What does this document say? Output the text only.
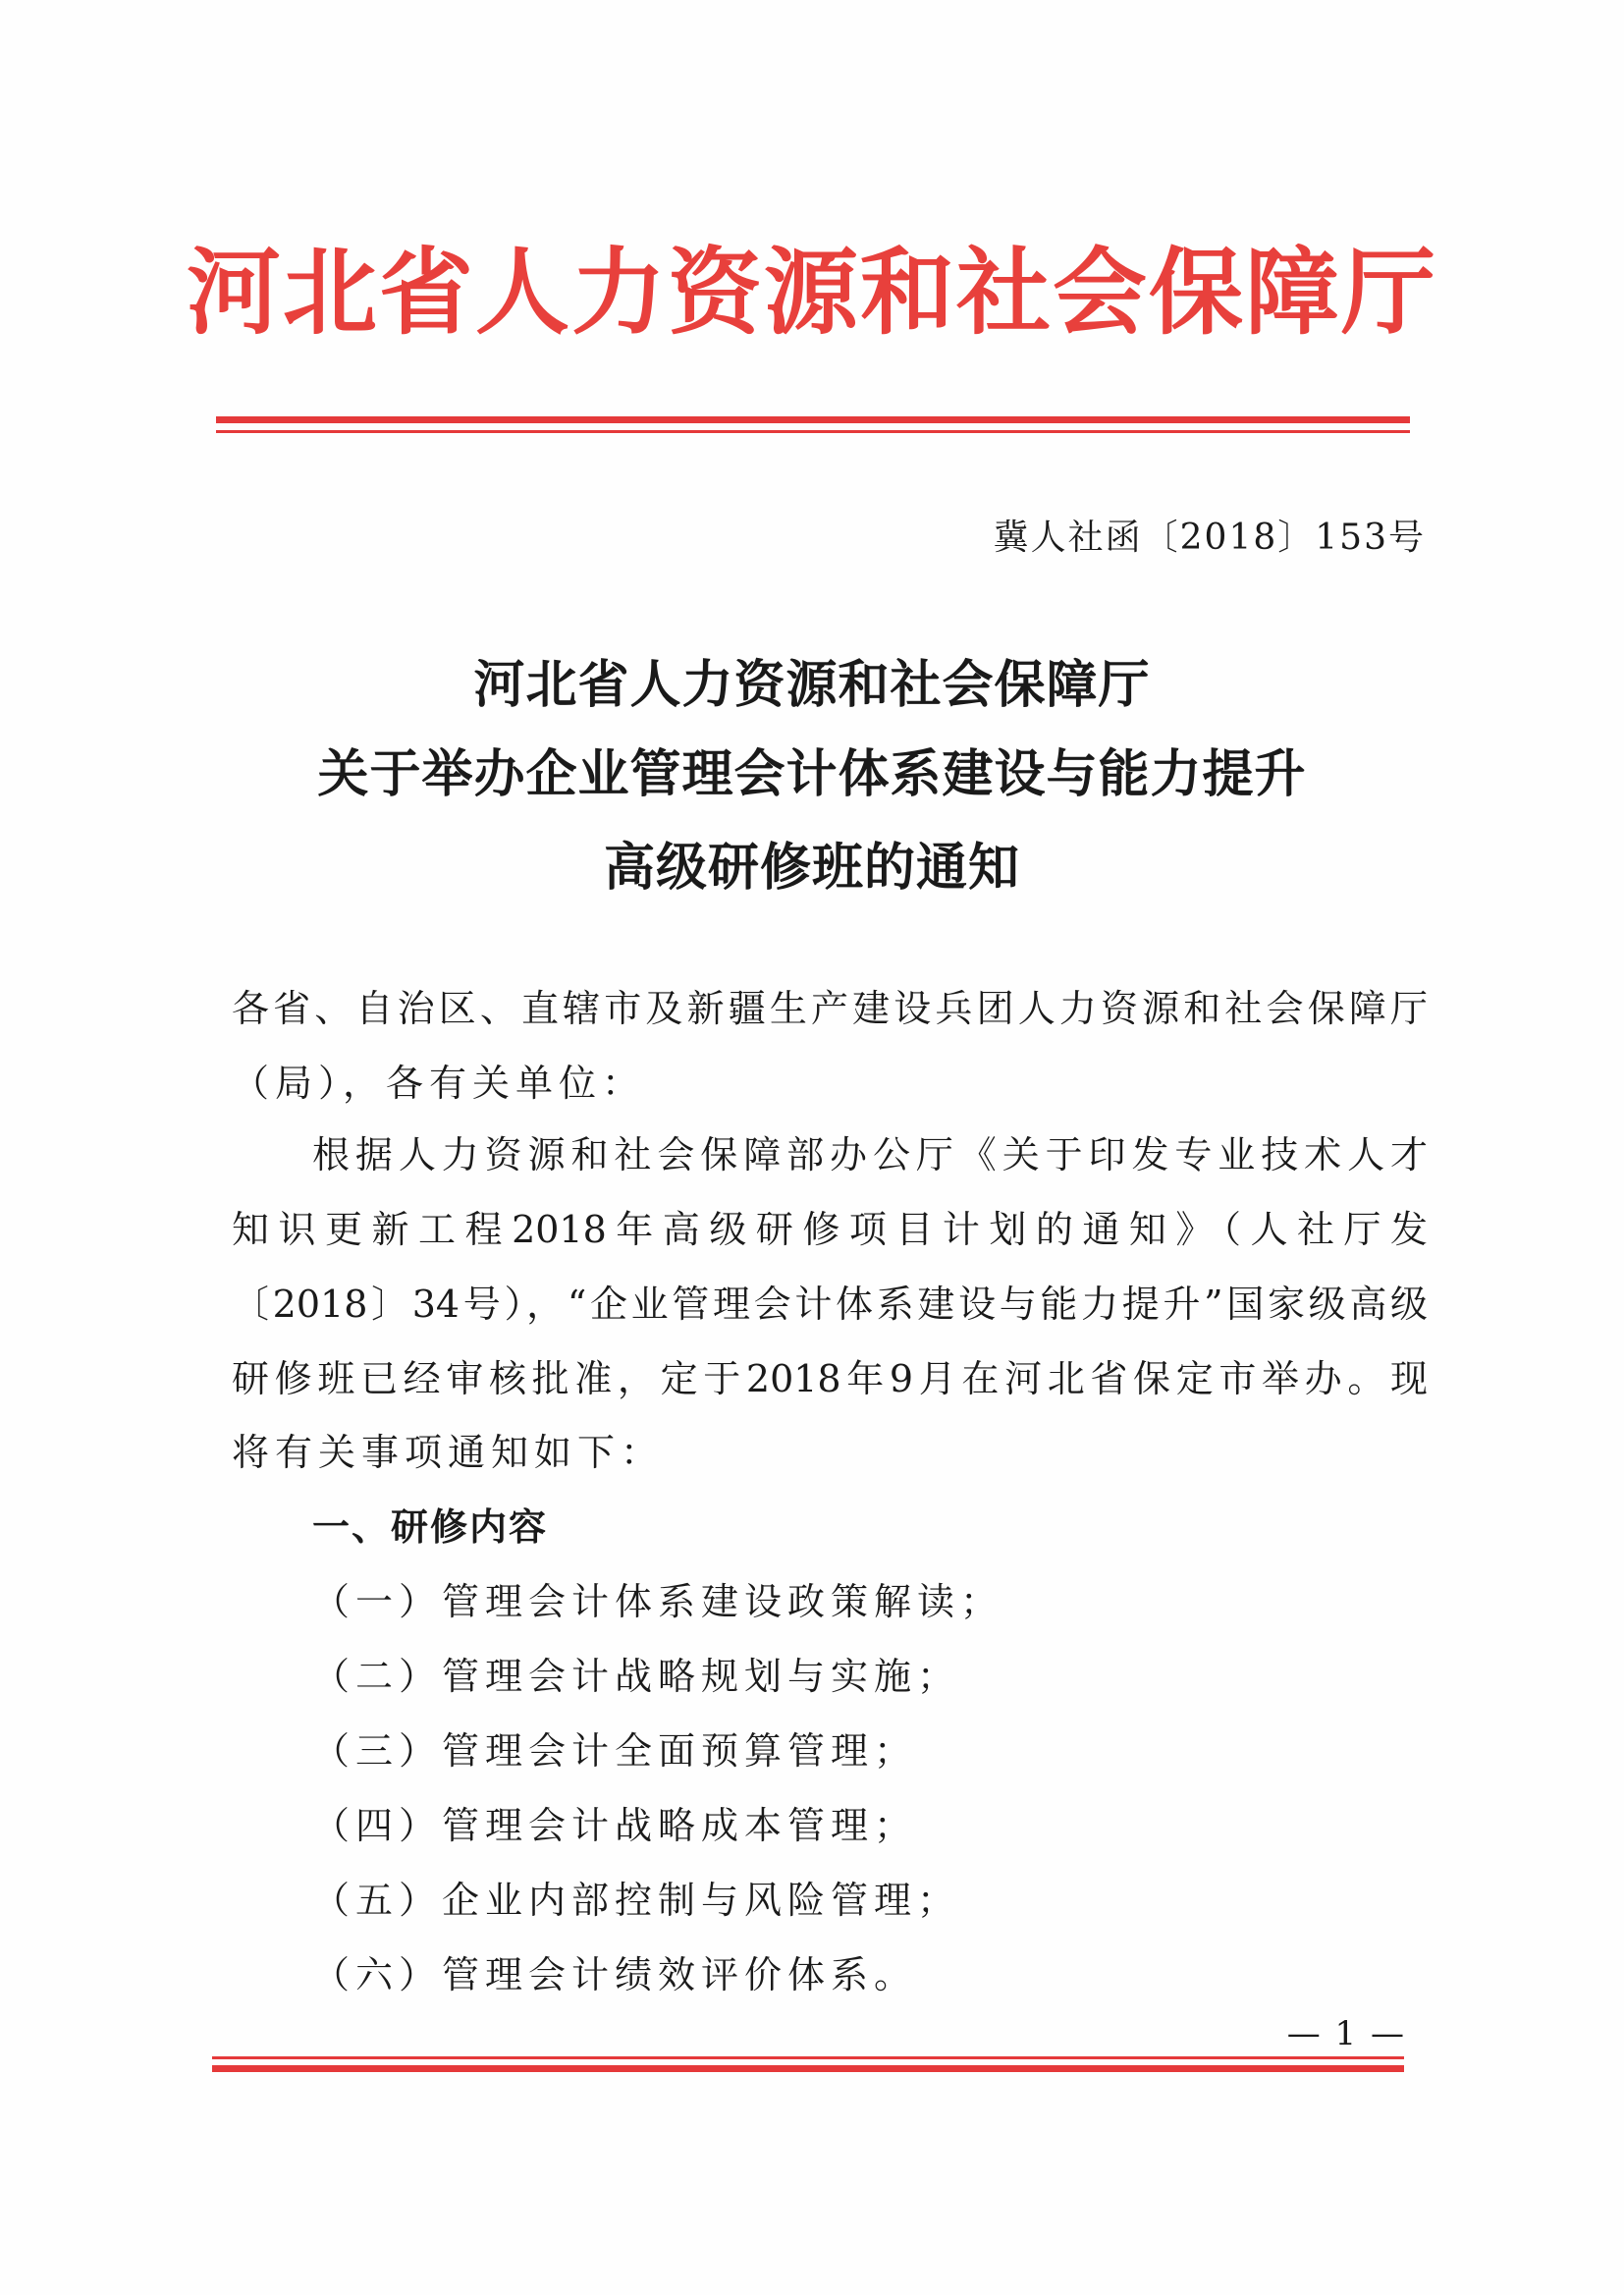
河北省人力资源和社会保障厅
冀人社函〔2018〕153号
河北省人力资源和社会保障厅
关于举办企业管理会计体系建设与能力提升
高级研修班的通知
各省、自治区、直辖市及新疆生产建设兵团人力资源和社会保障厅
（局），各有关单位：
根据人力资源和社会保障部办公厅《关于印发专业技术人才
知识更新工程2018年高级研修项目计划的通知》（人社厅发
〔2018〕34号），“企业管理会计体系建设与能力提升”国家级高级
研修班已经审核批准，定于2018年9月在河北省保定市举办。现
将有关事项通知如下：
一、研修内容
（一）管理会计体系建设政策解读；
（二）管理会计战略规划与实施；
（三）管理会计全面预算管理；
（四）管理会计战略成本管理；
（五）企业内部控制与风险管理；
（六）管理会计绩效评价体系。
— 1 —
